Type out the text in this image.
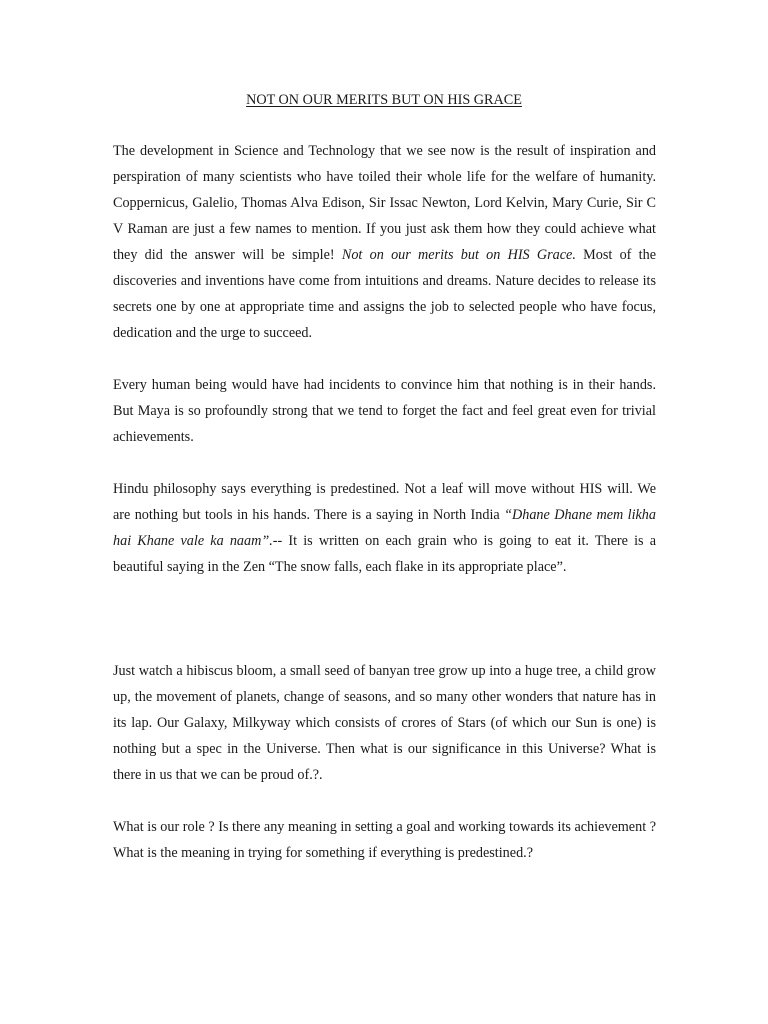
NOT ON OUR MERITS BUT ON HIS GRACE

The development in Science and Technology that we see now is the result of inspiration and perspiration of many scientists who have toiled their whole life for the welfare of humanity. Coppernicus, Galelio, Thomas Alva Edison, Sir Issac Newton, Lord Kelvin, Mary Curie, Sir C V Raman are just a few names to mention. If you just ask them how they could achieve what they did the answer will be simple! Not on our merits but on HIS Grace. Most of the discoveries and inventions have come from intuitions and dreams. Nature decides to release its secrets one by one at appropriate time and assigns the job to selected people who have focus, dedication and the urge to succeed.

Every human being would have had incidents to convince him that nothing is in their hands. But Maya is so profoundly strong that we tend to forget the fact and feel great even for trivial achievements.

Hindu philosophy says everything is predestined. Not a leaf will move without HIS will. We are nothing but tools in his hands. There is a saying in North India “Dhane Dhane mem likha hai Khane vale ka naam”.-- It is written on each grain who is going to eat it. There is a beautiful saying in the Zen “The snow falls, each flake in its appropriate place”.

Just watch a hibiscus bloom, a small seed of banyan tree grow up into a huge tree, a child grow up, the movement of planets, change of seasons, and so many other wonders that nature has in its lap. Our Galaxy, Milkyway which consists of crores of Stars (of which our Sun is one) is nothing but a spec in the Universe. Then what is our significance in this Universe? What is there in us that we can be proud of.?.

What is our role ? Is there any meaning in setting a goal and working towards its achievement ? What is the meaning in trying for something if everything is predestined.?
